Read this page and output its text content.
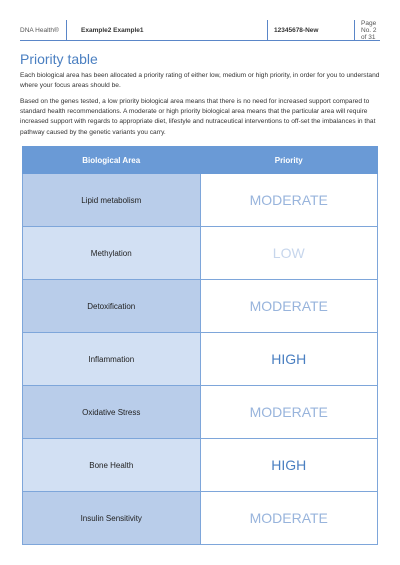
DNA Health®	Example2 Example1	12345678-New
Page No. 2 of 31
Priority table

Each biological area has been allocated a priority rating of either low, medium or high priority, in order for you to understand where your focus areas should be.

Based on the genes tested, a low priority biological area means that there is no need for increased support compared to standard health recommendations. A moderate or high priority biological area means that the particular area will require increased support with regards to appropriate diet, lifestyle and nutraceutical interventions to off-set the imbalances in that pathway caused by the genetic variants you carry.

Biological Area	Priority
Lipid metabolism	MODERATE
Methylation	LOW
Detoxification	MODERATE
Inflammation	HIGH
Oxidative Stress	MODERATE
Bone Health	HIGH
Insulin Sensitivity	MODERATE
